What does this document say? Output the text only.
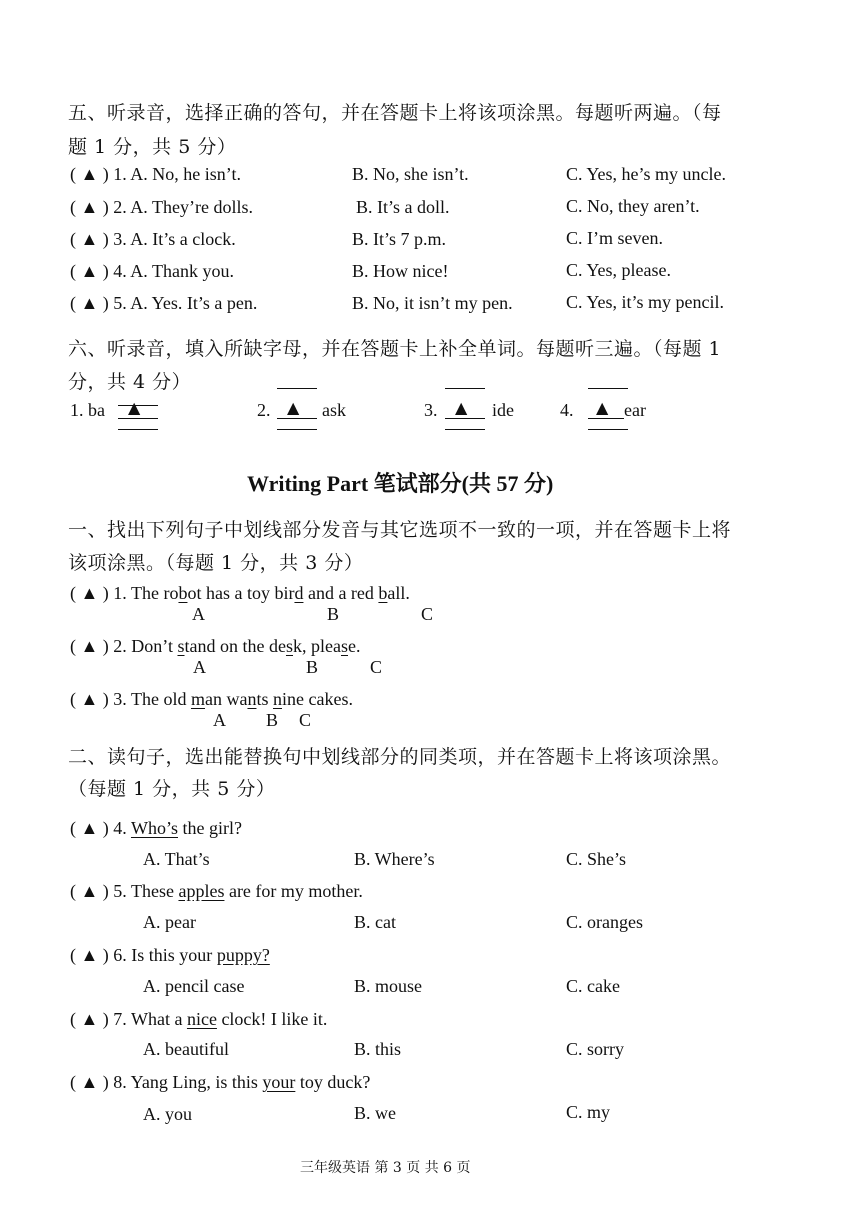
五、听录音，选择正确的答句，并在答题卡上将该项涂黑。每题听两遍。（每
题 1 分，共 5 分）
( ▲ ) 1. A. No, he isn’t.	B. No, she isn’t.	C. Yes, he’s my uncle.
( ▲ ) 2. A. They’re dolls.	B. It’s a doll.	C. No, they aren’t.
( ▲ ) 3. A. It’s a clock.	B. It’s 7 p.m.	C. I’m seven.
( ▲ ) 4. A. Thank you.	B. How nice!	C. Yes, please.
( ▲ ) 5. A. Yes. It’s a pen.	B. No, it isn’t my pen.	C. Yes, it’s my pencil.
六、听录音，填入所缺字母，并在答题卡上补全单词。每题听三遍。（每题 1
分，共 4 分）
1. ba ▲	2. ▲ ask	3. ▲ ide	4. ▲ ear
Writing Part 笔试部分(共 57 分)
一、找出下列句子中划线部分发音与其它选项不一致的一项，并在答题卡上将
该项涂黑。（每题 1 分，共 3 分）
( ▲ ) 1. The robot has a toy bird and a red ball.
A	B	C
( ▲ ) 2. Don’t stand on the desk, please.
A	B	C
( ▲ ) 3. The old man wants nine cakes.
A B C
二、读句子，选出能替换句中划线部分的同类项，并在答题卡上将该项涂黑。
（每题 1 分，共 5 分）
( ▲ ) 4. Who’s the girl?
A. That’s	B. Where’s	C. She’s
( ▲ ) 5. These apples are for my mother.
A. pear	B. cat	C. oranges
( ▲ ) 6. Is this your puppy?
A. pencil case	B. mouse	C. cake
( ▲ ) 7. What a nice clock! I like it.
A. beautiful	B. this	C. sorry
( ▲ ) 8. Yang Ling, is this your toy duck?
A. you	B. we	C. my
三年级英语 第 3 页 共 6 页
